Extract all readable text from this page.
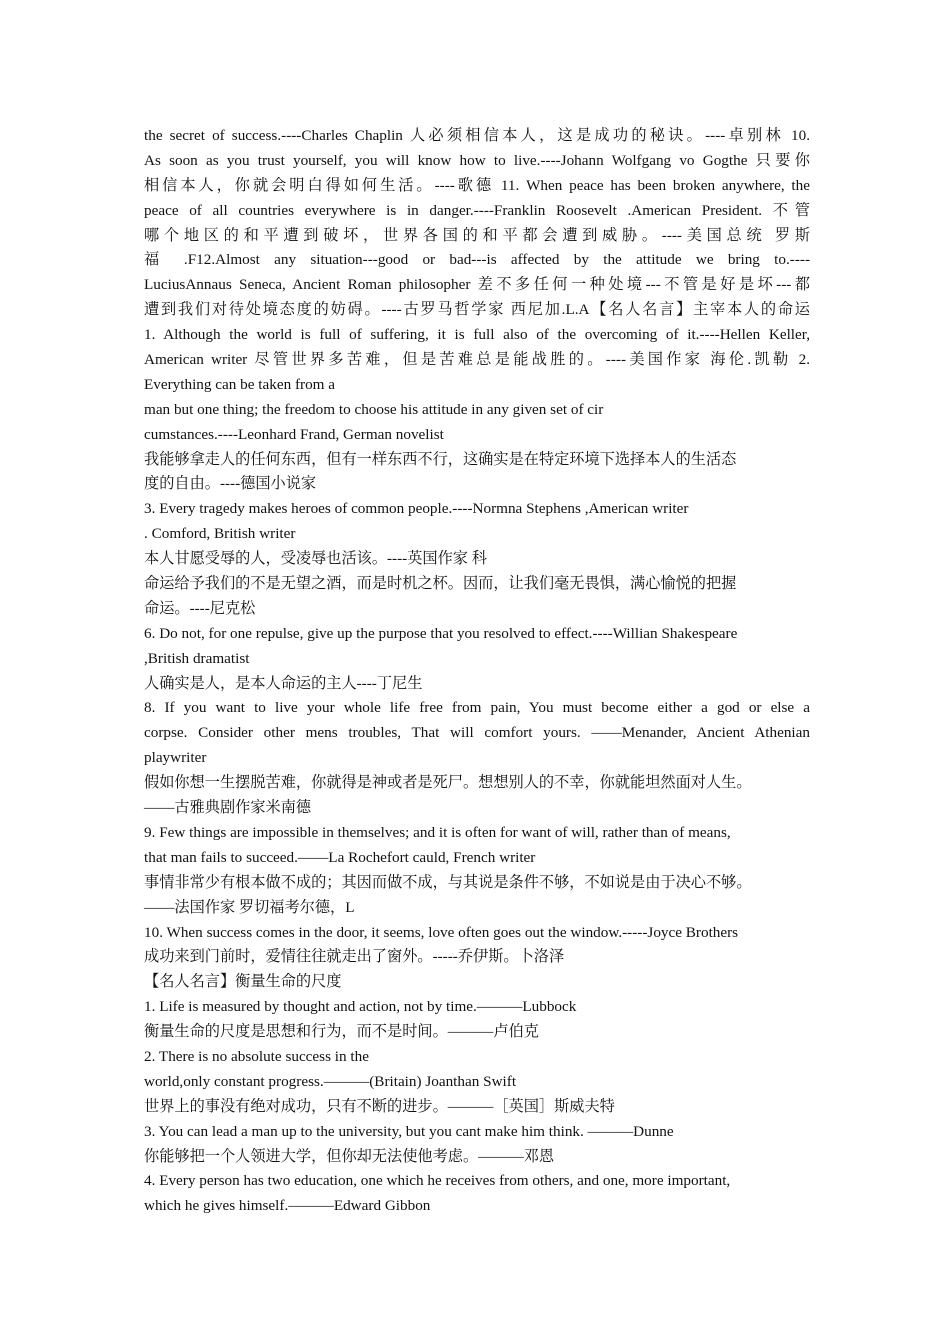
the secret of success.----Charles Chaplin 人必须相信本人，这是成功的秘诀。----卓别林 10.
As soon as you trust yourself, you will know how to live.----Johann Wolfgang vo Gogthe 只要你
相信本人，你就会明白得如何生活。----歌德 11. When peace has been broken anywhere, the
peace of all countries everywhere is in danger.----Franklin Roosevelt .American President. 不管
哪个地区的和平遭到破坏，世界各国的和平都会遭到威胁。----美国总统 罗斯
福 .F12.Almost any situation---good or bad---is affected by the attitude we bring to.----
LuciusAnnaus Seneca, Ancient Roman philosopher 差不多任何一种处境---不管是好是坏---都
遭到我们对待处境态度的妨碍。----古罗马哲学家 西尼加.L.A【名人名言】主宰本人的命运
1. Although the world is full of suffering, it is full also of the overcoming of it.----Hellen Keller,
American writer 尽管世界多苦难，但是苦难总是能战胜的。----美国作家 海伦.凯勒 2.
Everything can be taken from a
man but one thing; the freedom to choose his attitude in any given set of cir
cumstances.----Leonhard Frand, German novelist
我能够拿走人的任何东西，但有一样东西不行，这确实是在特定环境下选择本人的生活态
度的自由。----德国小说家
3. Every tragedy makes heroes of common people.----Normna Stephens ,American writer
. Comford, British writer
本人甘愿受辱的人，受凌辱也活该。----英国作家 科
命运给予我们的不是无望之酒，而是时机之杯。因而，让我们毫无畏惧，满心愉悦的把握
命运。----尼克松
6. Do not, for one repulse, give up the purpose that you resolved to effect.----Willian Shakespeare
,British dramatist
人确实是人，是本人命运的主人----丁尼生
8. If you want to live your whole life free from pain, You must become either a god or else a
corpse. Consider other mens troubles, That will comfort yours. ——Menander, Ancient Athenian
playwriter
假如你想一生摆脱苦难，你就得是神或者是死尸。想想别人的不幸，你就能坦然面对人生。
——古雅典剧作家米南德
9. Few things are impossible in themselves; and it is often for want of will, rather than of means,
that man fails to succeed.——La Rochefort cauld, French writer
事情非常少有根本做不成的；其因而做不成，与其说是条件不够，不如说是由于决心不够。
——法国作家 罗切福考尔德，L
10. When success comes in the door, it seems, love often goes out the window.-----Joyce Brothers
成功来到门前时，爱情往往就走出了窗外。-----乔伊斯。卜洛泽
【名人名言】衡量生命的尺度
1. Life is measured by thought and action, not by time.———Lubbock
衡量生命的尺度是思想和行为，而不是时间。———卢伯克
2. There is no absolute success in the
world,only constant progress.———(Britain) Joanthan Swift
世界上的事没有绝对成功，只有不断的进步。———［英国］斯威夫特
3. You can lead a man up to the university, but you cant make him think. ———Dunne
你能够把一个人领进大学，但你却无法使他考虑。———邓恩
4. Every person has two education, one which he receives from others, and one, more important,
which he gives himself.———Edward Gibbon
